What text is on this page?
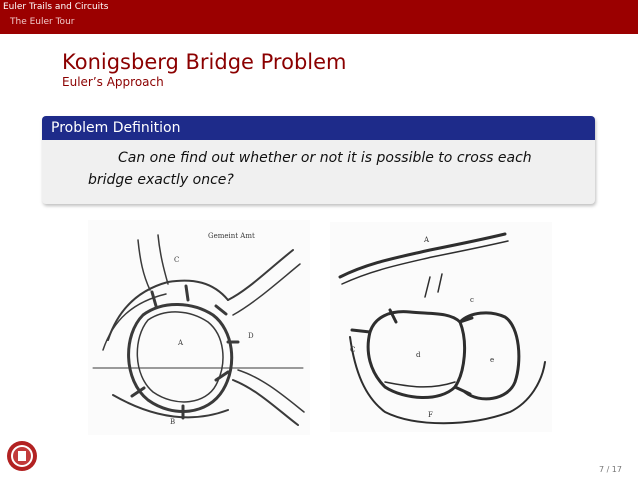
Euler Trails and Circuits
The Euler Tour
Konigsberg Bridge Problem
Euler’s Approach
Problem Definition
Can one find out whether or not it is possible to cross each bridge exactly once?
A
D
C
B
Gemeint Amt	A
C
c
F
d
e
7 / 17
